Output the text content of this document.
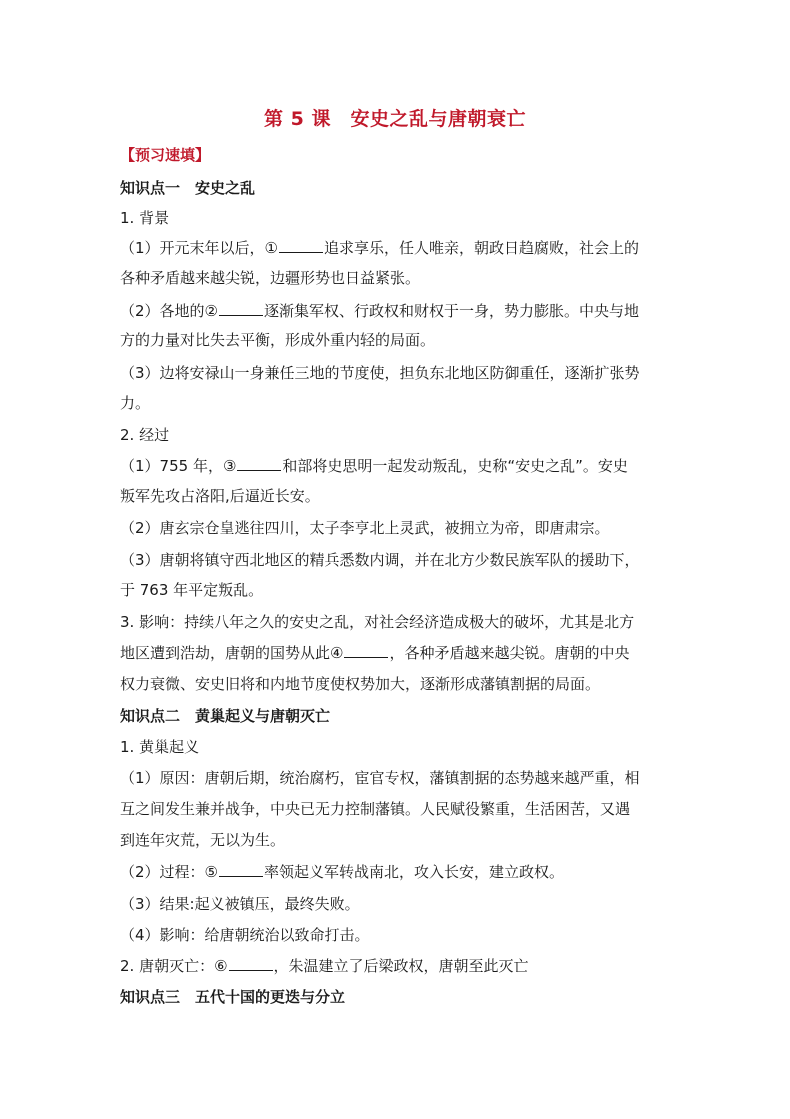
第 5 课　安史之乱与唐朝衰亡
【预习速填】
知识点一　安史之乱
1. 背景
（1）开元末年以后，①	追求享乐，任人唯亲，朝政日趋腐败，社会上的
各种矛盾越来越尖锐，边疆形势也日益紧张。
（2）各地的②	逐渐集军权、行政权和财权于一身，势力膨胀。中央与地
方的力量对比失去平衡，形成外重内轻的局面。
（3）边将安禄山一身兼任三地的节度使，担负东北地区防御重任，逐渐扩张势
力。
2. 经过
（1）755 年，③	和部将史思明一起发动叛乱，史称“安史之乱”。安史
叛军先攻占洛阳,后逼近长安。
（2）唐玄宗仓皇逃往四川，太子李亨北上灵武，被拥立为帝，即唐肃宗。
（3）唐朝将镇守西北地区的精兵悉数内调，并在北方少数民族军队的援助下，
于 763 年平定叛乱。
3. 影响：持续八年之久的安史之乱，对社会经济造成极大的破坏，尤其是北方
地区遭到浩劫，唐朝的国势从此④	，各种矛盾越来越尖锐。唐朝的中央
权力衰微、安史旧将和内地节度使权势加大，逐渐形成藩镇割据的局面。
知识点二　黄巢起义与唐朝灭亡
1. 黄巢起义
（1）原因：唐朝后期，统治腐朽，宦官专权，藩镇割据的态势越来越严重，相
互之间发生兼并战争，中央已无力控制藩镇。人民赋役繁重，生活困苦，又遇
到连年灾荒，无以为生。
（2）过程：⑤	率领起义军转战南北，攻入长安，建立政权。
（3）结果:起义被镇压，最终失败。
（4）影响：给唐朝统治以致命打击。
2. 唐朝灭亡：⑥	，朱温建立了后梁政权，唐朝至此灭亡
知识点三　五代十国的更迭与分立
